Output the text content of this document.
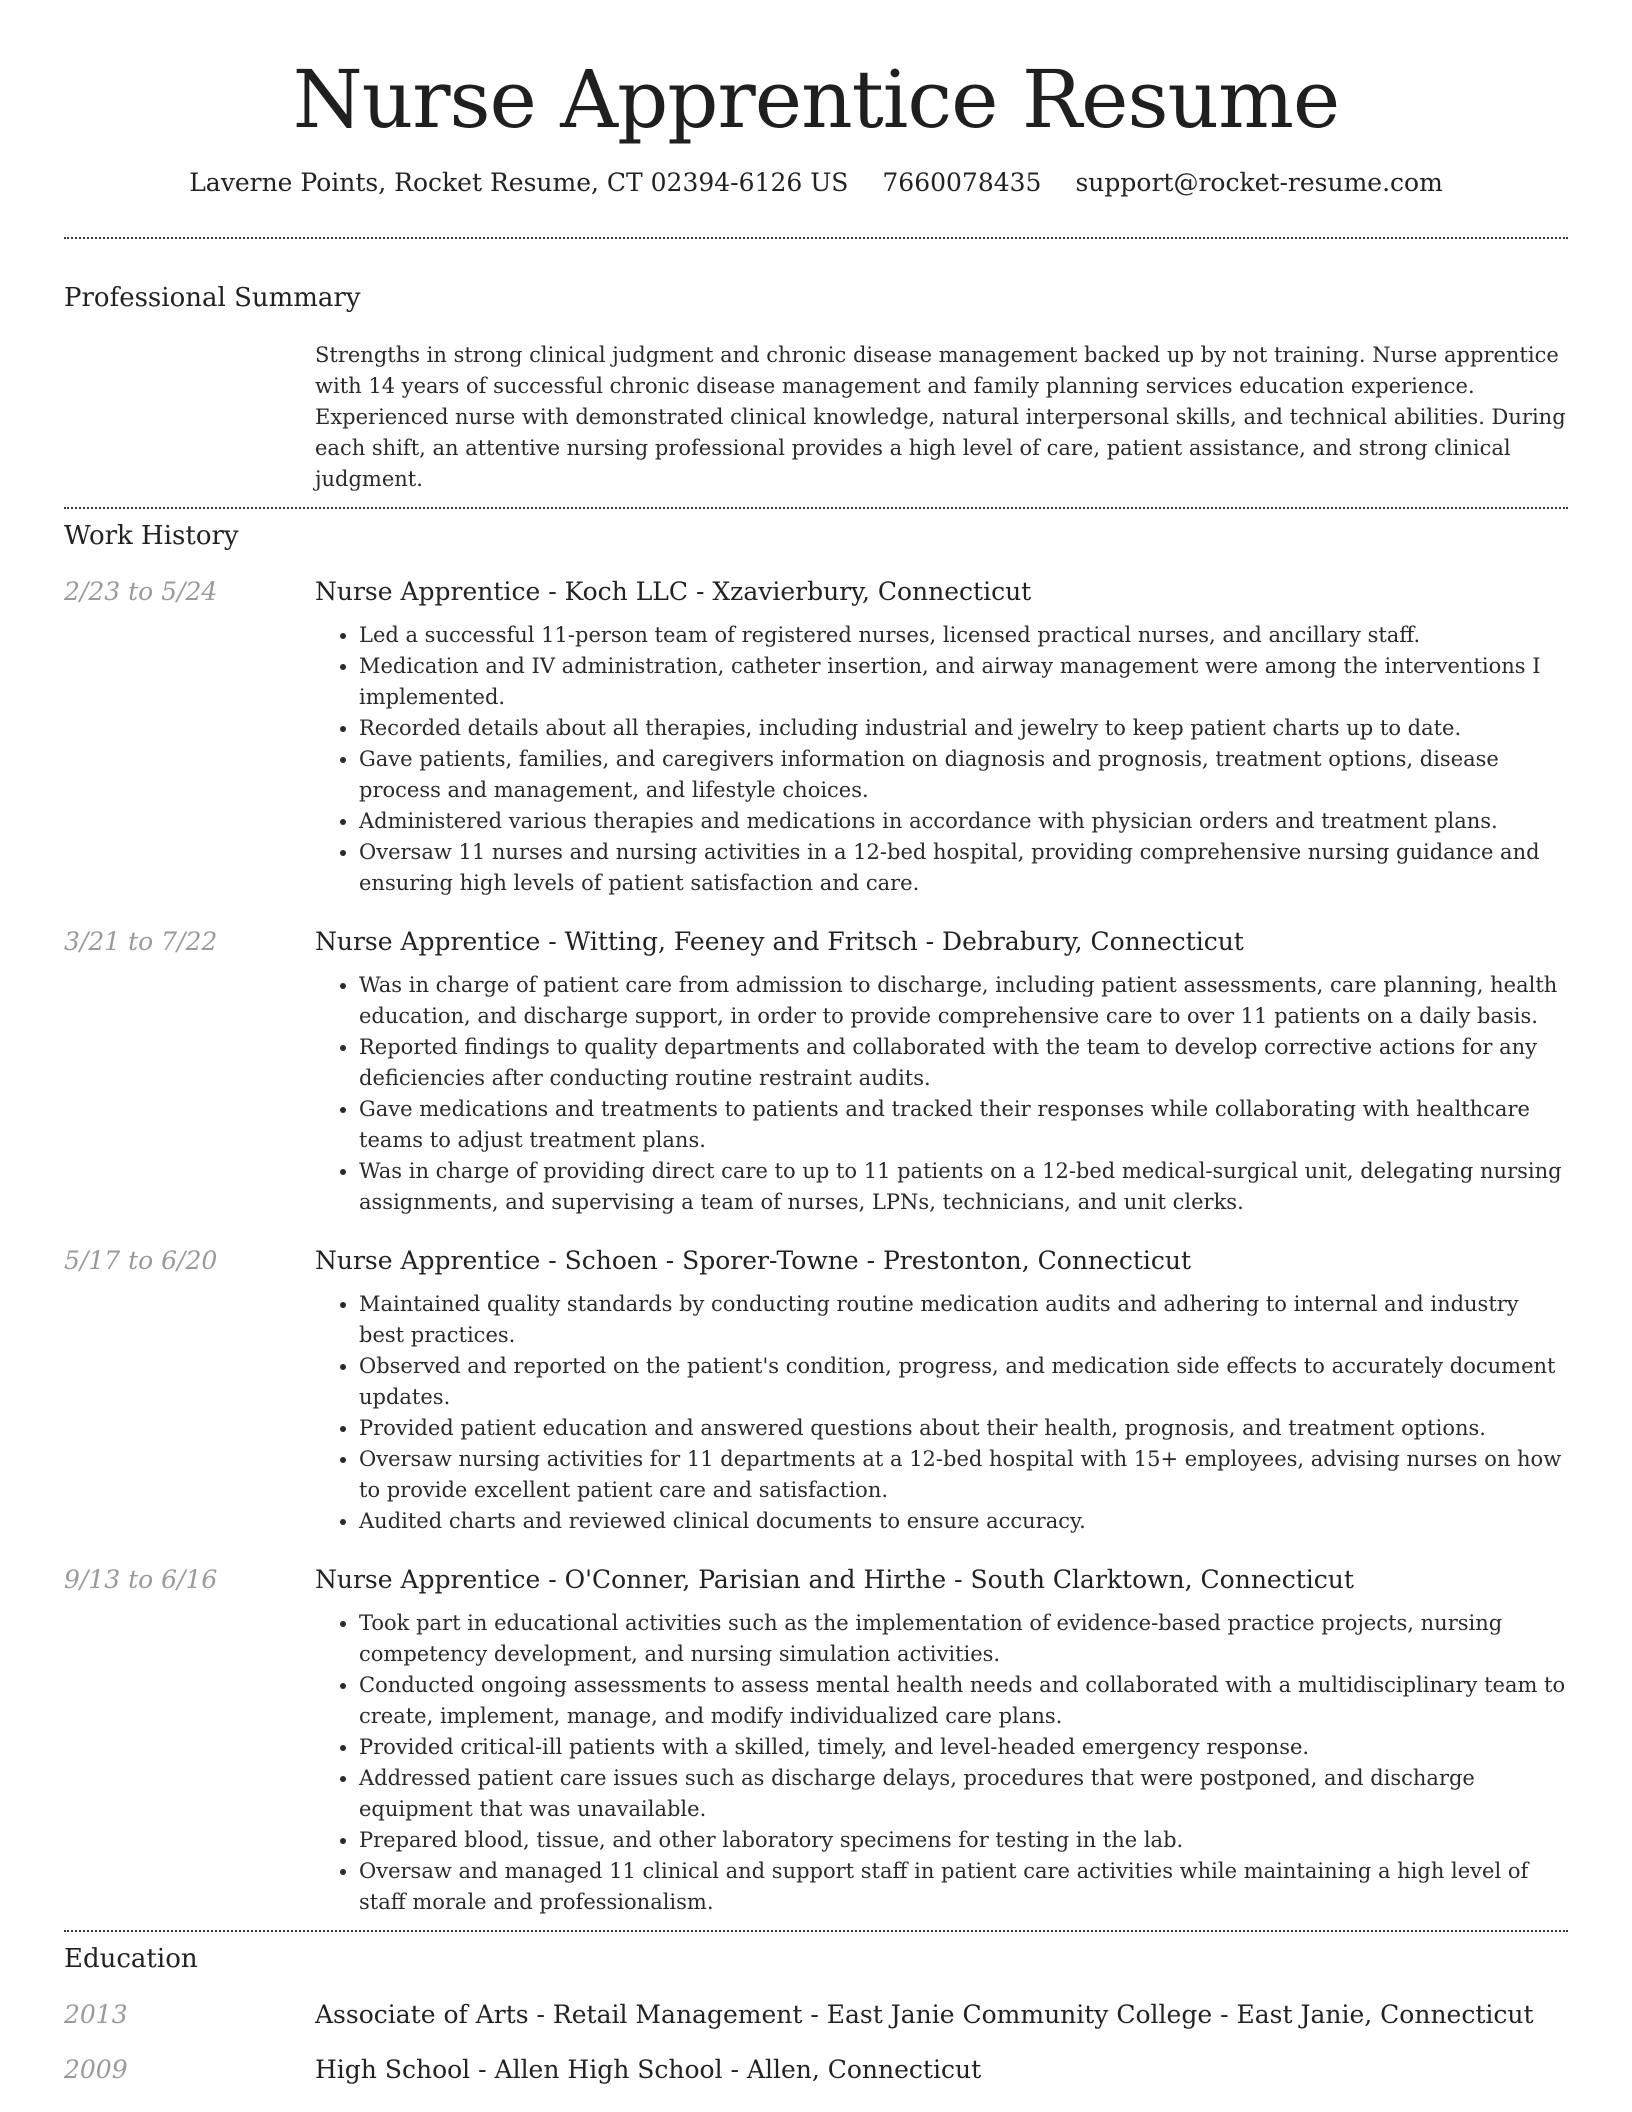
Nurse Apprentice Resume
Laverne Points, Rocket Resume, CT 02394-6126 US 7660078435 support@rocket-resume.com
Professional Summary
Strengths in strong clinical judgment and chronic disease management backed up by not training. Nurse apprentice with 14 years of successful chronic disease management and family planning services education experience. Experienced nurse with demonstrated clinical knowledge, natural interpersonal skills, and technical abilities. During each shift, an attentive nursing professional provides a high level of care, patient assistance, and strong clinical judgment.
Work History
2/23 to 5/24	Nurse Apprentice - Koch LLC - Xzavierbury, Connecticut
• Led a successful 11-person team of registered nurses, licensed practical nurses, and ancillary staff.
• Medication and IV administration, catheter insertion, and airway management were among the interventions I implemented.
• Recorded details about all therapies, including industrial and jewelry to keep patient charts up to date.
• Gave patients, families, and caregivers information on diagnosis and prognosis, treatment options, disease process and management, and lifestyle choices.
• Administered various therapies and medications in accordance with physician orders and treatment plans.
• Oversaw 11 nurses and nursing activities in a 12-bed hospital, providing comprehensive nursing guidance and ensuring high levels of patient satisfaction and care.
3/21 to 7/22	Nurse Apprentice - Witting, Feeney and Fritsch - Debrabury, Connecticut
• Was in charge of patient care from admission to discharge, including patient assessments, care planning, health education, and discharge support, in order to provide comprehensive care to over 11 patients on a daily basis.
• Reported findings to quality departments and collaborated with the team to develop corrective actions for any deficiencies after conducting routine restraint audits.
• Gave medications and treatments to patients and tracked their responses while collaborating with healthcare teams to adjust treatment plans.
• Was in charge of providing direct care to up to 11 patients on a 12-bed medical-surgical unit, delegating nursing assignments, and supervising a team of nurses, LPNs, technicians, and unit clerks.
5/17 to 6/20	Nurse Apprentice - Schoen - Sporer-Towne - Prestonton, Connecticut
• Maintained quality standards by conducting routine medication audits and adhering to internal and industry best practices.
• Observed and reported on the patient's condition, progress, and medication side effects to accurately document updates.
• Provided patient education and answered questions about their health, prognosis, and treatment options.
• Oversaw nursing activities for 11 departments at a 12-bed hospital with 15+ employees, advising nurses on how to provide excellent patient care and satisfaction.
• Audited charts and reviewed clinical documents to ensure accuracy.
9/13 to 6/16	Nurse Apprentice - O'Conner, Parisian and Hirthe - South Clarktown, Connecticut
• Took part in educational activities such as the implementation of evidence-based practice projects, nursing competency development, and nursing simulation activities.
• Conducted ongoing assessments to assess mental health needs and collaborated with a multidisciplinary team to create, implement, manage, and modify individualized care plans.
• Provided critical-ill patients with a skilled, timely, and level-headed emergency response.
• Addressed patient care issues such as discharge delays, procedures that were postponed, and discharge equipment that was unavailable.
• Prepared blood, tissue, and other laboratory specimens for testing in the lab.
• Oversaw and managed 11 clinical and support staff in patient care activities while maintaining a high level of staff morale and professionalism.
Education
2013	Associate of Arts - Retail Management - East Janie Community College - East Janie, Connecticut
2009	High School - Allen High School - Allen, Connecticut
